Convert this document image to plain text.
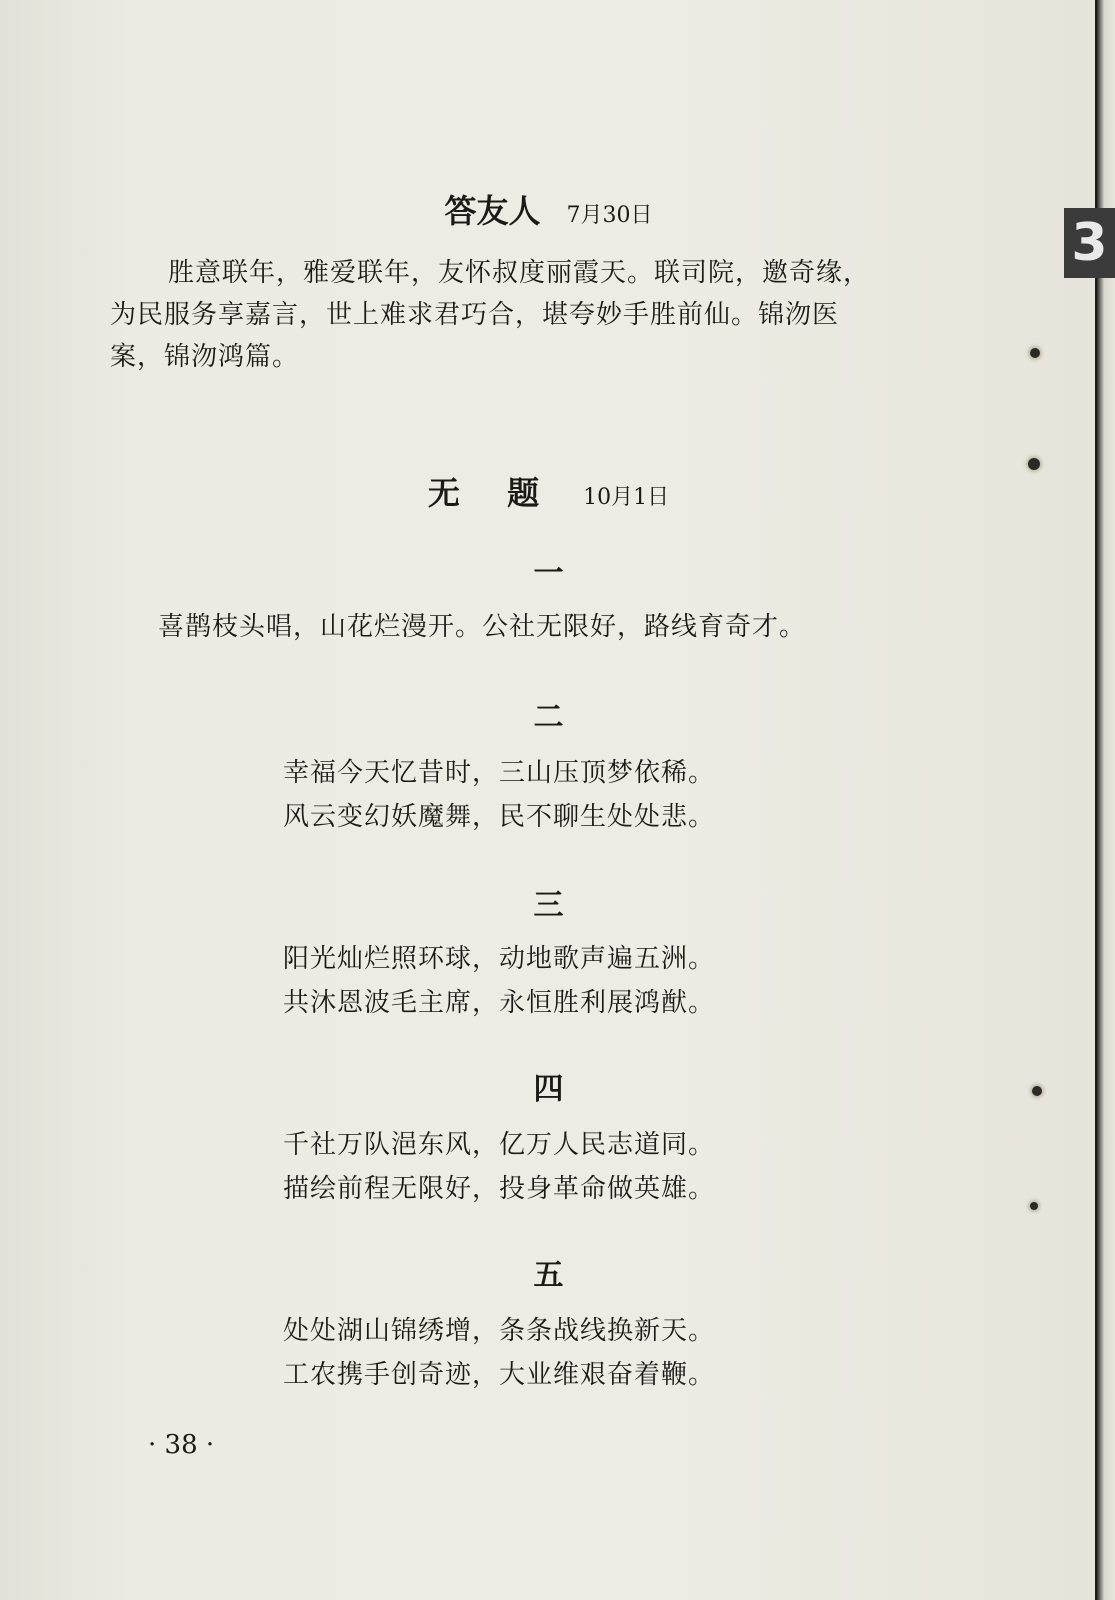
3
答友人 7月30日

胜意联年，雅爱联年，友怀叔度丽霞天。联司院，邀奇缘，

为民服务享嘉言，世上难求君巧合，堪夸妙手胜前仙。锦沕医

案，锦沕鸿篇。

无 题 10月1日
一
喜鹊枝头唱，山花烂漫开。公社无限好，路线育奇才。
二
幸福今天忆昔时，三山压顶梦依稀。
风云变幻妖魔舞，民不聊生处处悲。
三
阳光灿烂照环球，动地歌声遍五洲。
共沐恩波毛主席，永恒胜利展鸿猷。
四
千社万队浥东风，亿万人民志道同。
描绘前程无限好，投身革命做英雄。
五
处处湖山锦绣增，条条战线换新天。
工农携手创奇迹，大业维艰奋着鞭。
· 38 ·
